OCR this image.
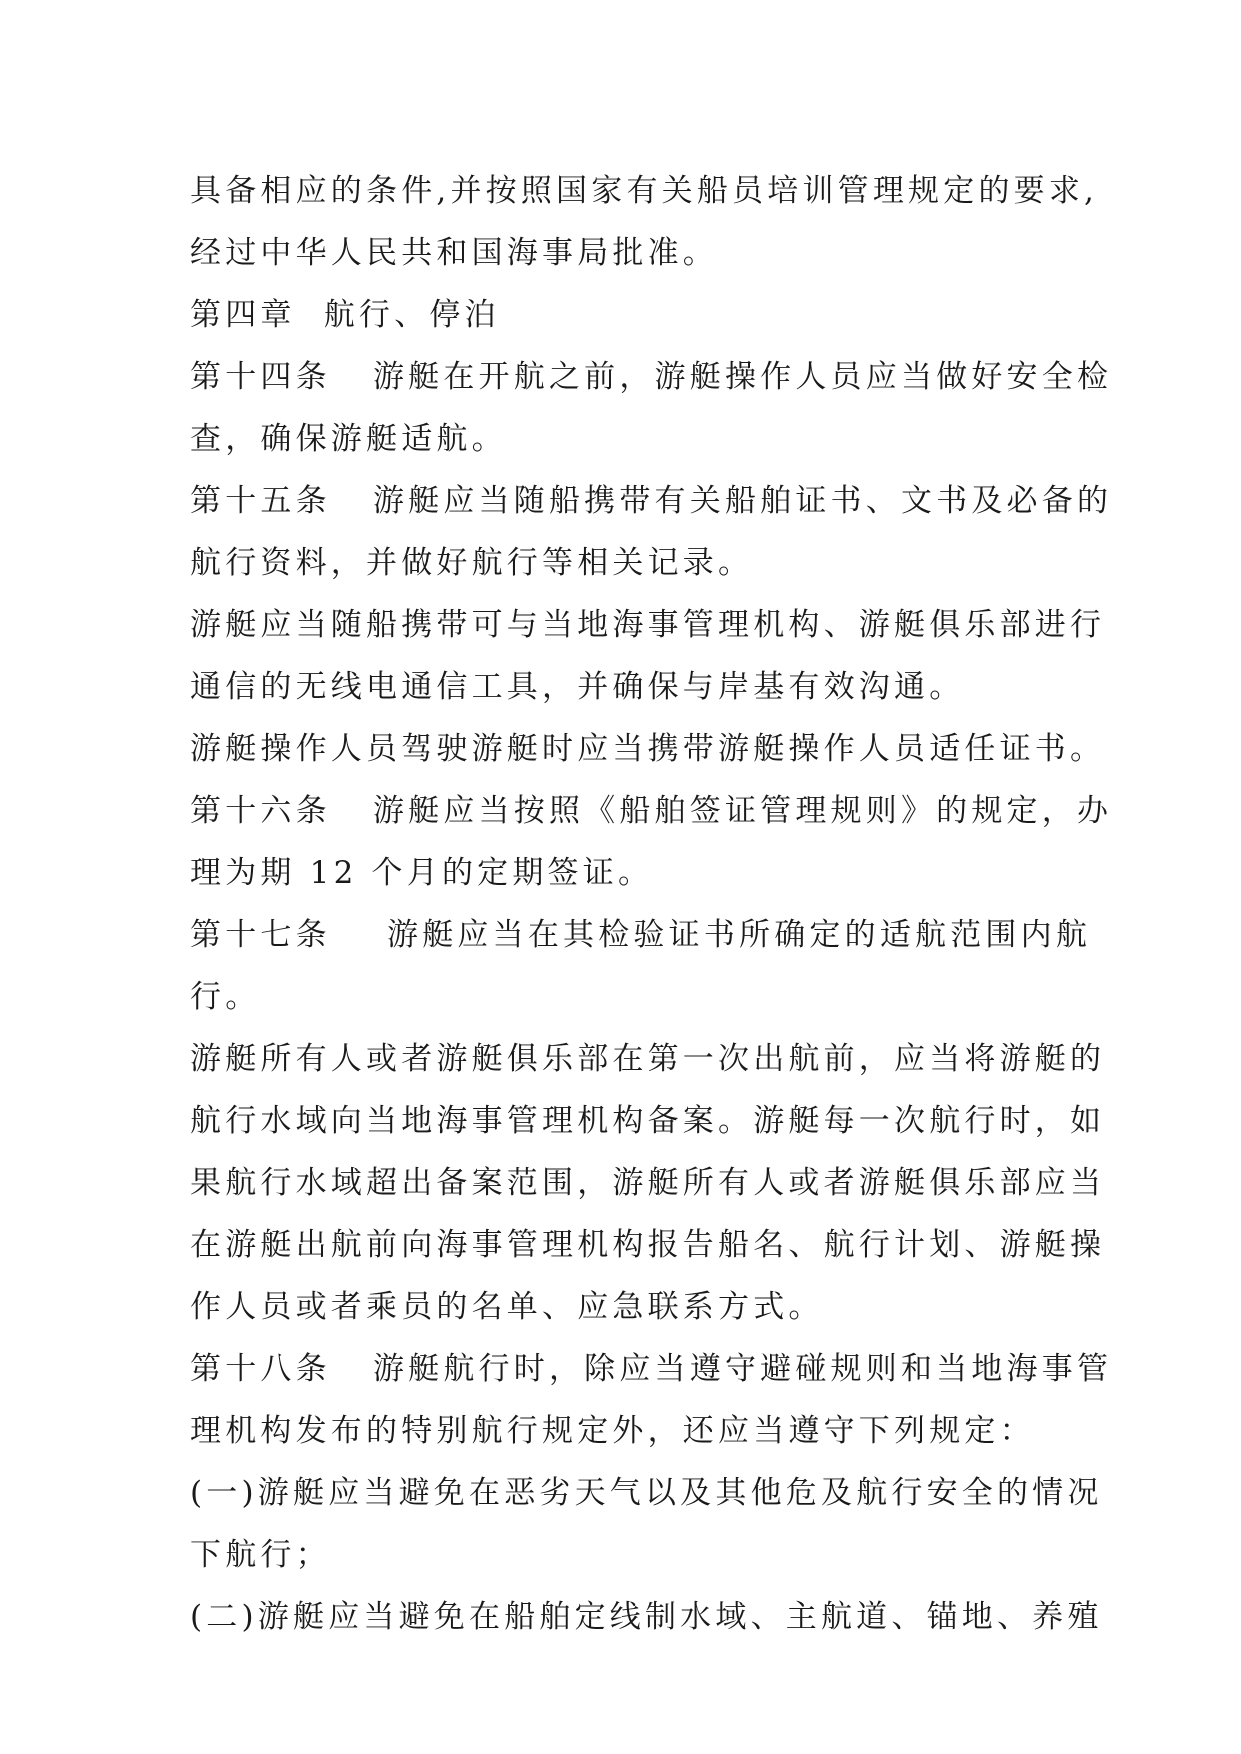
具备相应的条件,并按照国家有关船员培训管理规定的要求,
经过中华人民共和国海事局批准。
第四章  航行、停泊
第十四条   游艇在开航之前，游艇操作人员应当做好安全检
查，确保游艇适航。
第十五条   游艇应当随船携带有关船舶证书、文书及必备的
航行资料，并做好航行等相关记录。
游艇应当随船携带可与当地海事管理机构、游艇俱乐部进行
通信的无线电通信工具，并确保与岸基有效沟通。
游艇操作人员驾驶游艇时应当携带游艇操作人员适任证书。
第十六条   游艇应当按照《船舶签证管理规则》的规定，办
理为期 12 个月的定期签证。
第十七条    游艇应当在其检验证书所确定的适航范围内航
行。
游艇所有人或者游艇俱乐部在第一次出航前，应当将游艇的
航行水域向当地海事管理机构备案。游艇每一次航行时，如
果航行水域超出备案范围，游艇所有人或者游艇俱乐部应当
在游艇出航前向海事管理机构报告船名、航行计划、游艇操
作人员或者乘员的名单、应急联系方式。
第十八条   游艇航行时，除应当遵守避碰规则和当地海事管
理机构发布的特别航行规定外，还应当遵守下列规定：
(一)游艇应当避免在恶劣天气以及其他危及航行安全的情况
下航行；
(二)游艇应当避免在船舶定线制水域、主航道、锚地、养殖
